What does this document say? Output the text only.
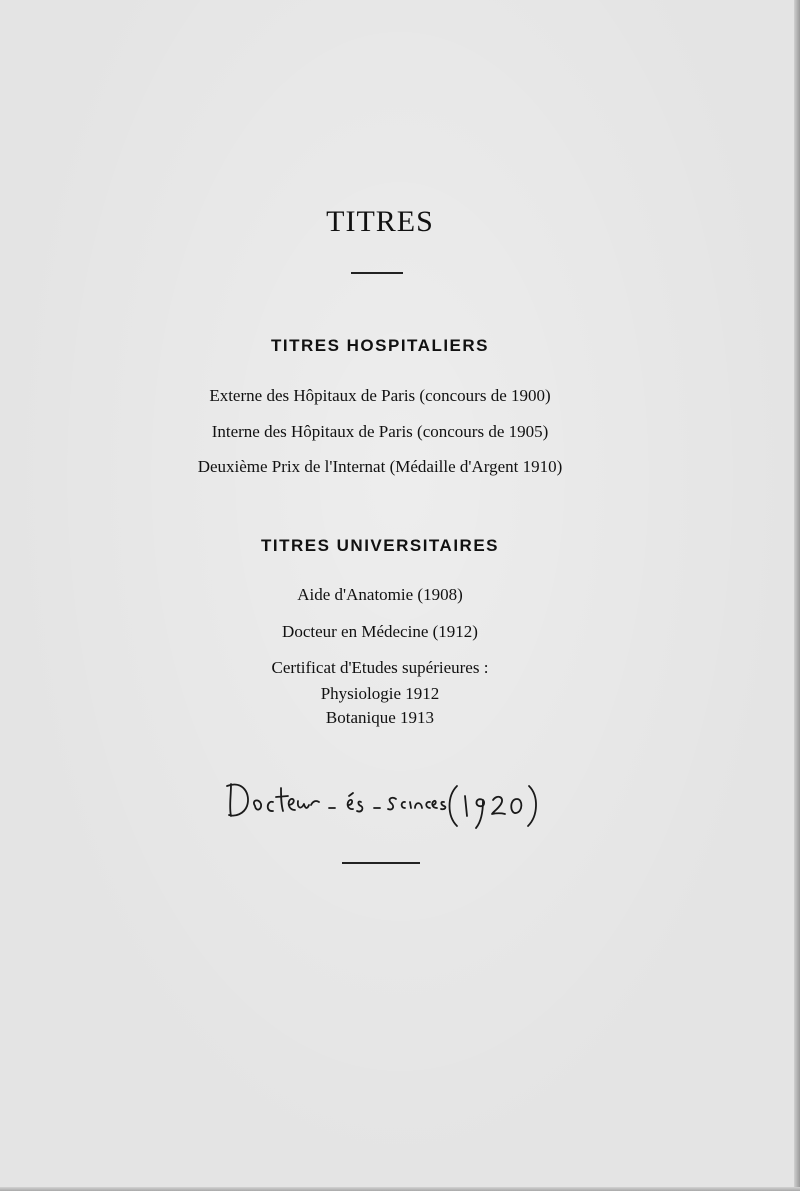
TITRES
TITRES HOSPITALIERS
Externe des Hôpitaux de Paris (concours de 1900)
Interne des Hôpitaux de Paris (concours de 1905)
Deuxième Prix de l'Internat (Médaille d'Argent 1910)
TITRES UNIVERSITAIRES
Aide d'Anatomie (1908)
Docteur en Médecine (1912)
Certificat d'Etudes supérieures :
Physiologie 1912
Botanique 1913
